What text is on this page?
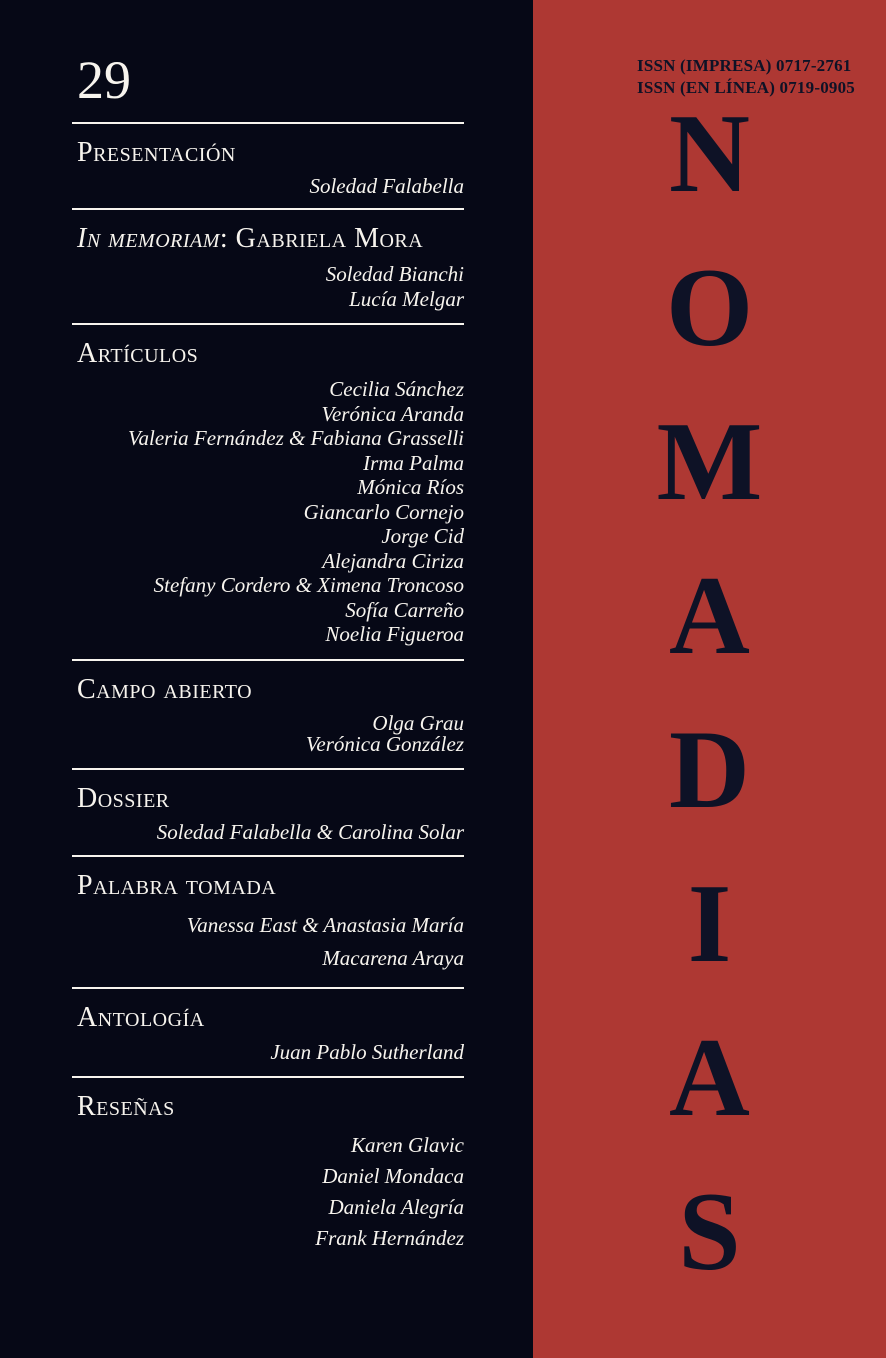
ISSN (IMPRESA) 0717-2761
ISSN (EN LÍNEA) 0719-0905
N
O
M
A
D
I
A
S
29
Presentación
Soledad Falabella
In memoriam: Gabriela Mora
Soledad Bianchi
Lucía Melgar
Artículos
Cecilia Sánchez
Verónica Aranda
Valeria Fernández & Fabiana Grasselli
Irma Palma
Mónica Ríos
Giancarlo Cornejo
Jorge Cid
Alejandra Ciriza
Stefany Cordero & Ximena Troncoso
Sofía Carreño
Noelia Figueroa
Campo abierto
Olga Grau
Verónica González
Dossier
Soledad Falabella & Carolina Solar
Palabra tomada
Vanessa East & Anastasia María
Macarena Araya
Antología
Juan Pablo Sutherland
Reseñas
Karen Glavic
Daniel Mondaca
Daniela Alegría
Frank Hernández
